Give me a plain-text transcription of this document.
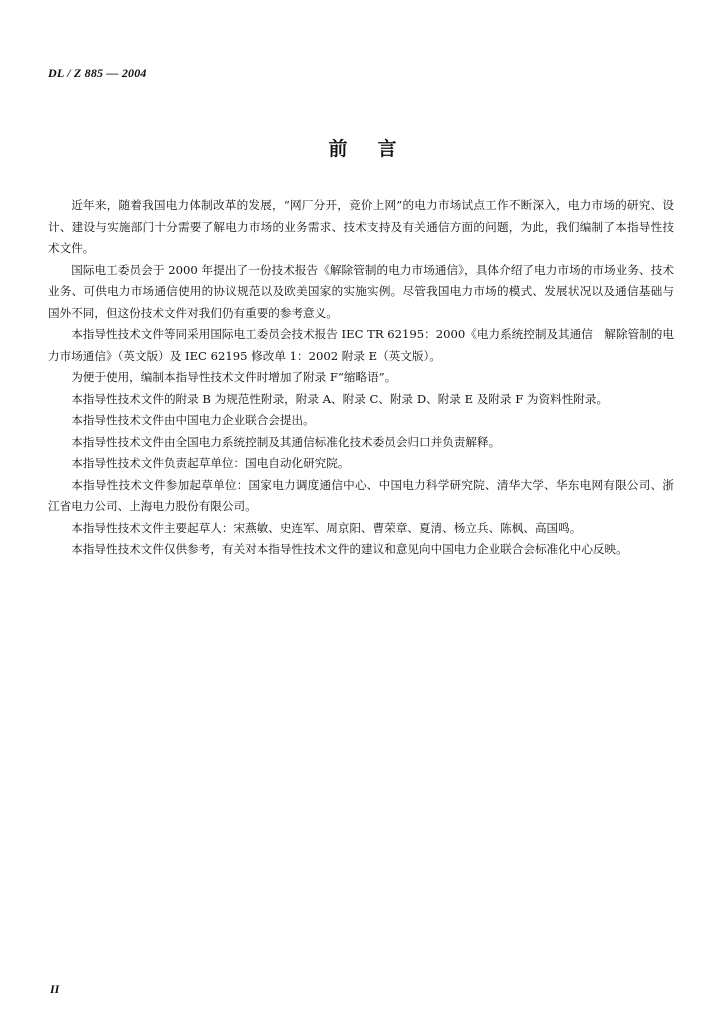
DL / Z 885 — 2004
前言

近年来，随着我国电力体制改革的发展，“网厂分开，竞价上网”的电力市场试点工作不断深入，电力市场的研究、设计、建设与实施部门十分需要了解电力市场的业务需求、技术支持及有关通信方面的问题，为此，我们编制了本指导性技术文件。

国际电工委员会于 2000 年提出了一份技术报告《解除管制的电力市场通信》，具体介绍了电力市场的市场业务、技术业务、可供电力市场通信使用的协议规范以及欧美国家的实施实例。尽管我国电力市场的模式、发展状况以及通信基础与国外不同，但这份技术文件对我们仍有重要的参考意义。

本指导性技术文件等同采用国际电工委员会技术报告 IEC TR 62195：2000《电力系统控制及其通信　解除管制的电力市场通信》（英文版）及 IEC 62195 修改单 1：2002 附录 E（英文版）。

为便于使用，编制本指导性技术文件时增加了附录 F“缩略语”。

本指导性技术文件的附录 B 为规范性附录，附录 A、附录 C、附录 D、附录 E 及附录 F 为资料性附录。

本指导性技术文件由中国电力企业联合会提出。

本指导性技术文件由全国电力系统控制及其通信标准化技术委员会归口并负责解释。

本指导性技术文件负责起草单位：国电自动化研究院。

本指导性技术文件参加起草单位：国家电力调度通信中心、中国电力科学研究院、清华大学、华东电网有限公司、浙江省电力公司、上海电力股份有限公司。

本指导性技术文件主要起草人：宋燕敏、史连军、周京阳、曹荣章、夏清、杨立兵、陈枫、高国鸣。

本指导性技术文件仅供参考，有关对本指导性技术文件的建议和意见向中国电力企业联合会标准化中心反映。

II
